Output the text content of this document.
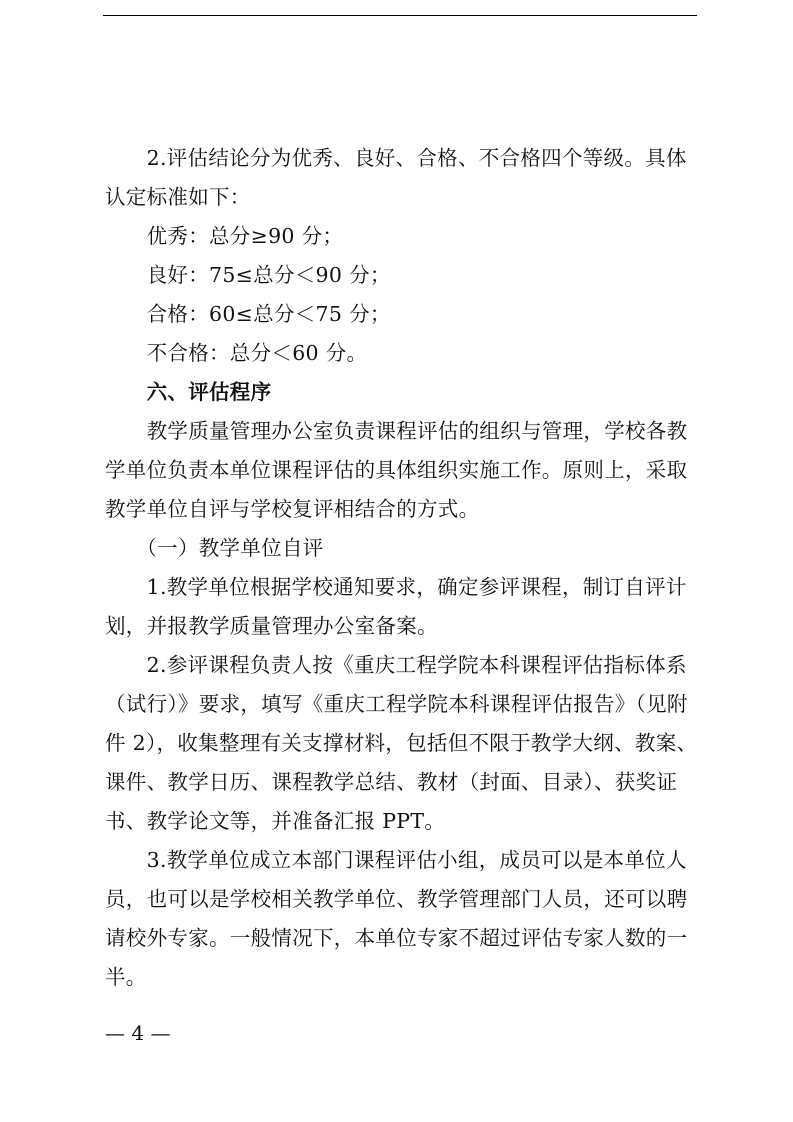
　　2.评估结论分为优秀、良好、合格、不合格四个等级。具体
认定标准如下：
　　优秀：总分≥90 分；
　　良好：75≤总分＜90 分；
　　合格：60≤总分＜75 分；
　　不合格：总分＜60 分。
　　六、评估程序
　　教学质量管理办公室负责课程评估的组织与管理，学校各教
学单位负责本单位课程评估的具体组织实施工作。原则上，采取
教学单位自评与学校复评相结合的方式。
　　（一）教学单位自评
　　1.教学单位根据学校通知要求，确定参评课程，制订自评计
划，并报教学质量管理办公室备案。
　　2.参评课程负责人按《重庆工程学院本科课程评估指标体系
（试行）》要求，填写《重庆工程学院本科课程评估报告》（见附
件 2），收集整理有关支撑材料，包括但不限于教学大纲、教案、
课件、教学日历、课程教学总结、教材（封面、目录）、获奖证
书、教学论文等，并准备汇报 PPT。
　　3.教学单位成立本部门课程评估小组，成员可以是本单位人
员，也可以是学校相关教学单位、教学管理部门人员，还可以聘
请校外专家。一般情况下，本单位专家不超过评估专家人数的一
半。
— 4 —
